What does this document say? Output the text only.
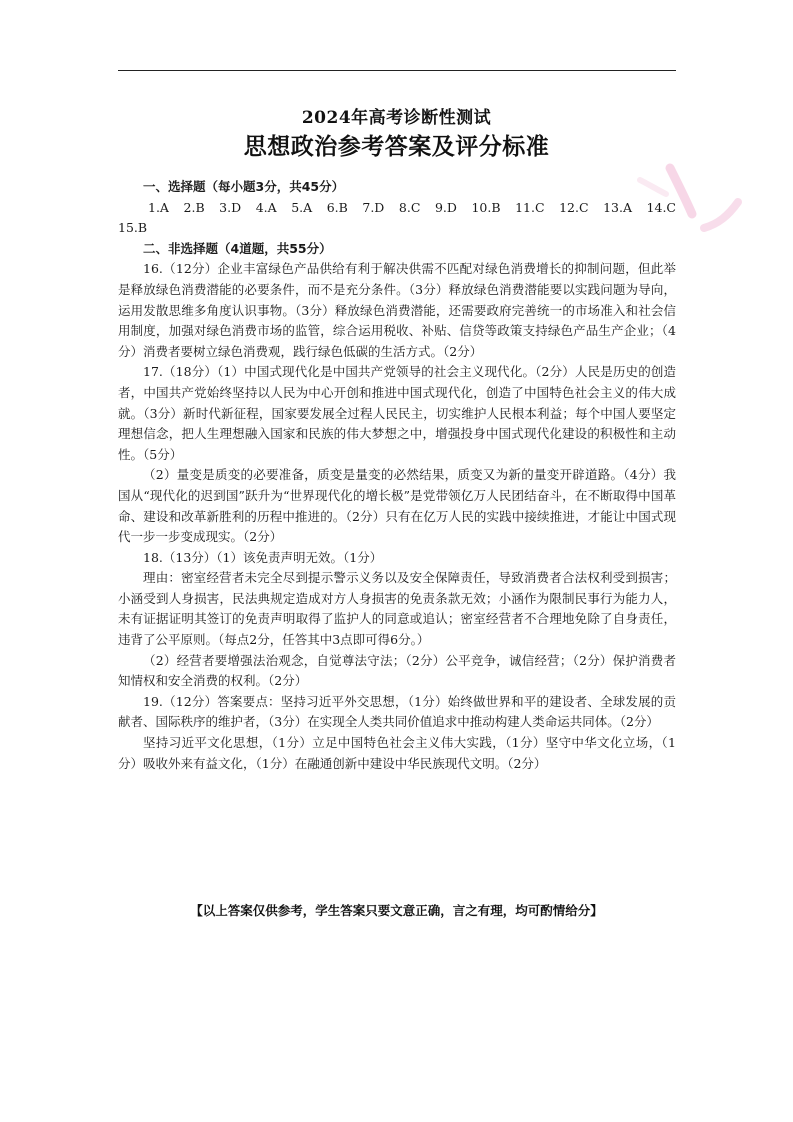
2024年高考诊断性测试
思想政治参考答案及评分标准

一、选择题（每小题3分，共45分）

1.A　2.B　3.D　4.A　5.A　6.B　7.D　8.C　9.D　10.B　11.C　12.C　13.A　14.C　15.B

二、非选择题（4道题，共55分）

16.（12分）企业丰富绿色产品供给有利于解决供需不匹配对绿色消费增长的抑制问题，但此举是释放绿色消费潜能的必要条件，而不是充分条件。（3分）释放绿色消费潜能要以实践问题为导向，运用发散思维多角度认识事物。（3分）释放绿色消费潜能，还需要政府完善统一的市场准入和社会信用制度，加强对绿色消费市场的监管，综合运用税收、补贴、信贷等政策支持绿色产品生产企业；（4分）消费者要树立绿色消费观，践行绿色低碳的生活方式。（2分）

17.（18分）（1）中国式现代化是中国共产党领导的社会主义现代化。（2分）人民是历史的创造者，中国共产党始终坚持以人民为中心开创和推进中国式现代化，创造了中国特色社会主义的伟大成就。（3分）新时代新征程，国家要发展全过程人民民主，切实维护人民根本利益；每个中国人要坚定理想信念，把人生理想融入国家和民族的伟大梦想之中，增强投身中国式现代化建设的积极性和主动性。（5分）

（2）量变是质变的必要准备，质变是量变的必然结果，质变又为新的量变开辟道路。（4分）我国从“现代化的迟到国”跃升为“世界现代化的增长极”是党带领亿万人民团结奋斗，在不断取得中国革命、建设和改革新胜利的历程中推进的。（2分）只有在亿万人民的实践中接续推进，才能让中国式现代一步一步变成现实。（2分）

18.（13分）（1）该免责声明无效。（1分）

理由：密室经营者未完全尽到提示警示义务以及安全保障责任，导致消费者合法权利受到损害；小涵受到人身损害，民法典规定造成对方人身损害的免责条款无效；小涵作为限制民事行为能力人，未有证据证明其签订的免责声明取得了监护人的同意或追认；密室经营者不合理地免除了自身责任，违背了公平原则。（每点2分，任答其中3点即可得6分。）

（2）经营者要增强法治观念，自觉尊法守法；（2分）公平竞争，诚信经营；（2分）保护消费者知情权和安全消费的权利。（2分）

19.（12分）答案要点：坚持习近平外交思想，（1分）始终做世界和平的建设者、全球发展的贡献者、国际秩序的维护者，（3分）在实现全人类共同价值追求中推动构建人类命运共同体。（2分）

坚持习近平文化思想，（1分）立足中国特色社会主义伟大实践，（1分）坚守中华文化立场，（1分）吸收外来有益文化，（1分）在融通创新中建设中华民族现代文明。（2分）

【以上答案仅供参考，学生答案只要文意正确，言之有理，均可酌情给分】
